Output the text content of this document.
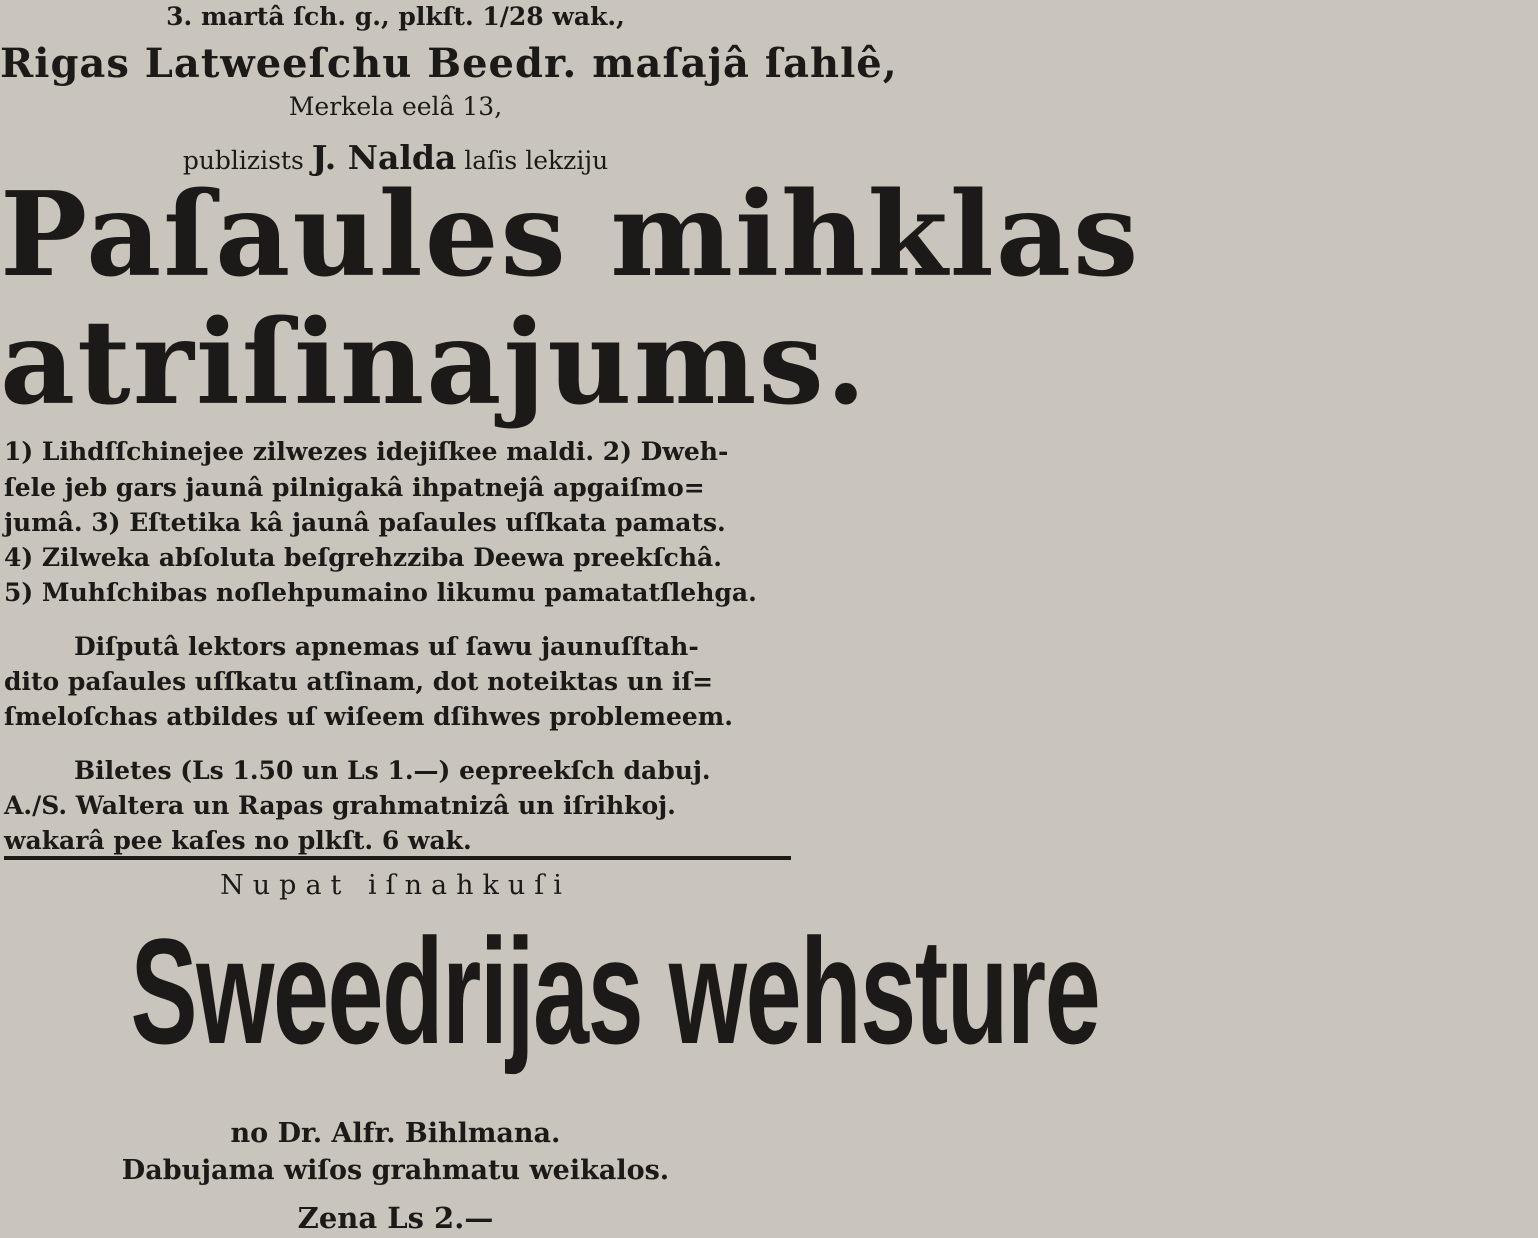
3. martâ ſch. g., plkſt. 1/28 wak.,
Rigas Latweeſchu Beedr. maſajâ ſahlê,
Merkela eelâ 13,
publizists J. Nalda laſis lekziju
Paſaules mihklas
atriſinajums.
1) Lihdſſchinejee zilwezes idejiſkee maldi. 2) Dweh-
ſele jeb gars jaunâ pilnigakâ ihpatnejâ apgaiſmo=
jumâ. 3) Eſtetika kâ jaunâ paſaules uſſkata pamats.
4) Zilweka abſoluta beſgrehzziba Deewa preekſchâ.
5) Muhſchibas noſlehpumaino likumu pamatatſlehga.
Diſputâ lektors apnemas uſ ſawu jaunuſſtah-
dito paſaules uſſkatu atſinam, dot noteiktas un iſ=
ſmeloſchas atbildes uſ wiſeem dſihwes problemeem.
Biletes (Ls 1.50 un Ls 1.—) eepreekſch dabuj.
A./S. Waltera un Rapas grahmatnizâ un iſrihkoj.
wakarâ pee kaſes no plkſt. 6 wak.
Nupat iſnahkuſi
Sweedrijas wehsture
no Dr. Alfr. Bihlmana.
Dabujama wiſos grahmatu weikalos.
Zena Ls 2.—
